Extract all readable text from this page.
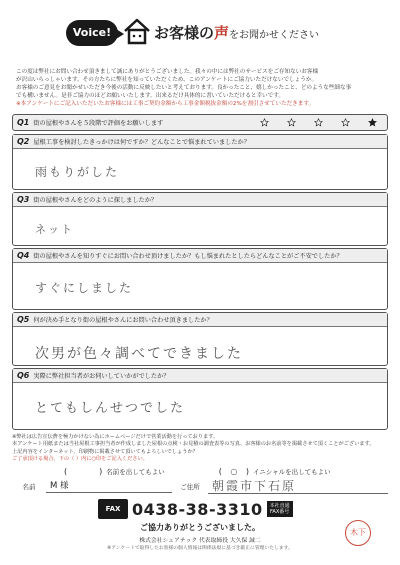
Voice!	お客様の声をお聞かせください

この度は弊社にお問い合わせ頂きまして誠にありがとうございました。我々の中には弊社のサービスをご存知ないお客様

が沢山いらっしゃいます。その方たちに弊社を知っていただくため、このアンケートにご協力いただけないでしょうか。

お客様のご意見をお聞かせいただき今後の活動に反映したいと考えております。良かったこと、嬉しかったこと、どのような些細な事

でも構いません。是非ご協力のほどお願いいたします。出来るだけ具体的に書いていただけると幸いです。

※本アンケートにご記入いただいたお客様には工事ご契約金額から工事金額税抜金額の2%を割引させていただきます。

Q1 街の屋根やさんを５段階で評価をお願いします
Q2 屋根工事を検討したきっかけは何ですか？どんなことで悩まれていましたか？
雨もりがした
Q3 街の屋根やさんをどのように探しましたか？
ネット
Q4 街の屋根やさんを知りすぐにお問い合わせ頂けましたか？もし悩まれたとしたらどんなことがご不安でしたか？
すぐにしました
Q5 何が決め手となり街の屋根やさんにお問い合わせ頂きましたか？
次男が色々調べてできました
Q6 実際に弊社担当者がお伺いしていかがでしたか？
とてもしんせつでした

※弊社は広告宣伝費を極力かけない為にホームページだけで営業活動を行っております。

本アンケート用紙または当社屋根工事担当者が作成しました屋根の点検・お見積の調査表等の写真、お客様のお名前等を掲載させて頂くことがございます。

上記内容をインターネット、印刷物に掲載させて頂いてもよろしいでしょうか？

ご了承頂ける場合、下の（ ）内に○印をご記入ください。

(	) 名前を出してもよい	(	○	) イニシャルを出してもよい
名前	M 様	ご住所	朝霞市下石原
FAX 0438-38-3310 本社直通
FAX番号
ご協力ありがとうございました。
株式会社シェアテック 代表取締役 大久保 誠二
※アンケートで取得したお客様の個人情報は関係法規に基づき厳正に管理いたします。
木下
